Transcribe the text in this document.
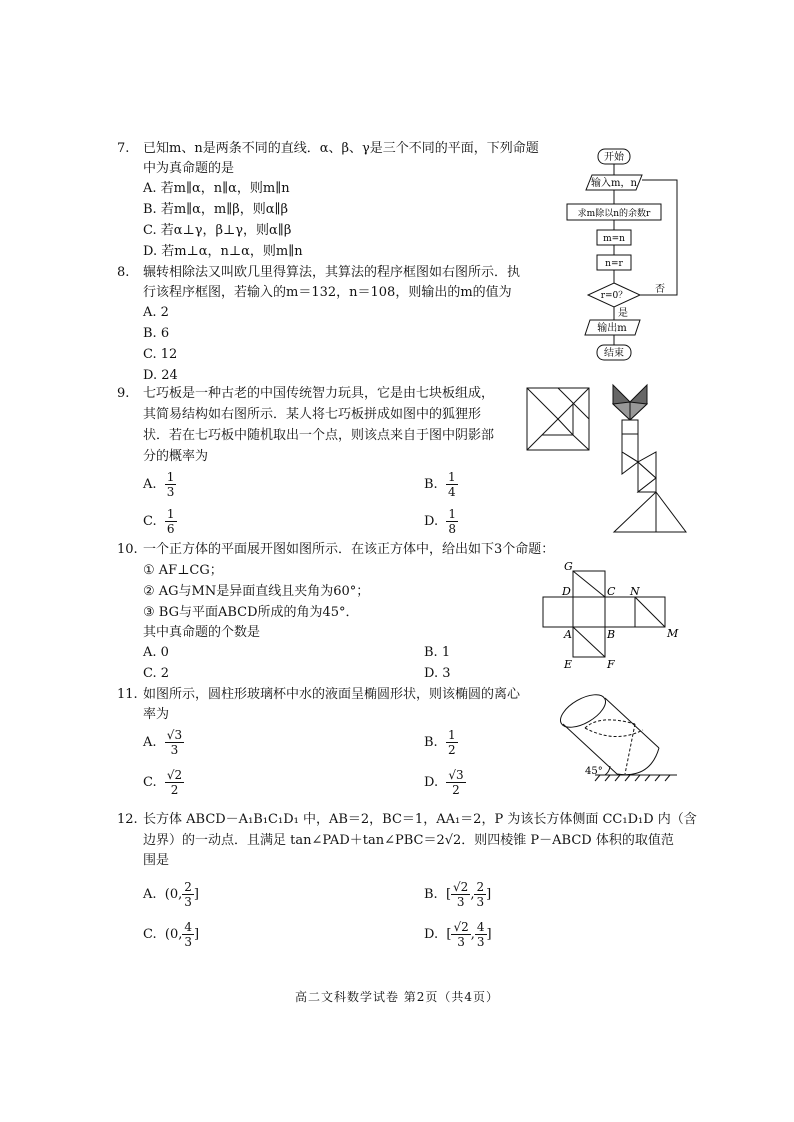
7. 已知m、n是两条不同的直线．α、β、γ是三个不同的平面，下列命题
中为真命题的是
A. 若m∥α，n∥α，则m∥n
B. 若m∥α，m∥β，则α∥β
C. 若α⊥γ，β⊥γ，则α∥β
D. 若m⊥α，n⊥α，则m∥n
开始
输入m，n
求m除以n的余数r
m=n
n=r
r=0？
否
是
输出m
结束
8. 辗转相除法又叫欧几里得算法，其算法的程序框图如右图所示．执
行该程序框图，若输入的m＝132，n＝108，则输出的m的值为
A. 2
B. 6
C. 12
D. 24
9. 七巧板是一种古老的中国传统智力玩具，它是由七块板组成，
其简易结构如右图所示．某人将七巧板拼成如图中的狐狸形
状．若在七巧板中随机取出一个点，则该点来自于图中阴影部
分的概率为
A. $\frac{1}{3}$	B. $\frac{1}{4}$
C. $\frac{1}{6}$	D. $\frac{1}{8}$
10. 一个正方体的平面展开图如图所示．在该正方体中，给出如下3个命题：
① AF⊥CG；
② AG与MN是异面直线且夹角为60°；
③ BG与平面ABCD所成的角为45°．
其中真命题的个数是
A. 0	B. 1
C. 2	D. 3
G
D	C N
A	B	M
E	F
11. 如图所示，圆柱形玻璃杯中水的液面呈椭圆形状，则该椭圆的离心
率为
A. $\frac{√3}{3}$	B. $\frac{1}{2}$
C. $\frac{√2}{2}$	D. $\frac{√3}{2}$	45°
12. 长方体 ABCD－A₁B₁C₁D₁ 中，AB＝2，BC＝1，AA₁＝2，P 为该长方体侧面 CC₁D₁D 内（含
边界）的一动点．且满足 tan∠PAD＋tan∠PBC＝2√2．则四棱锥 P－ABCD 体积的取值范
围是
A. (0, $\frac{2}{3}$ ]	B. [ $\frac{√2}{3}$ , $\frac{2}{3}$ ]
C. (0, $\frac{4}{3}$ ]	D. [ $\frac{√2}{3}$ , $\frac{4}{3}$ ]
高二文科数学试卷 第2页（共4页）
